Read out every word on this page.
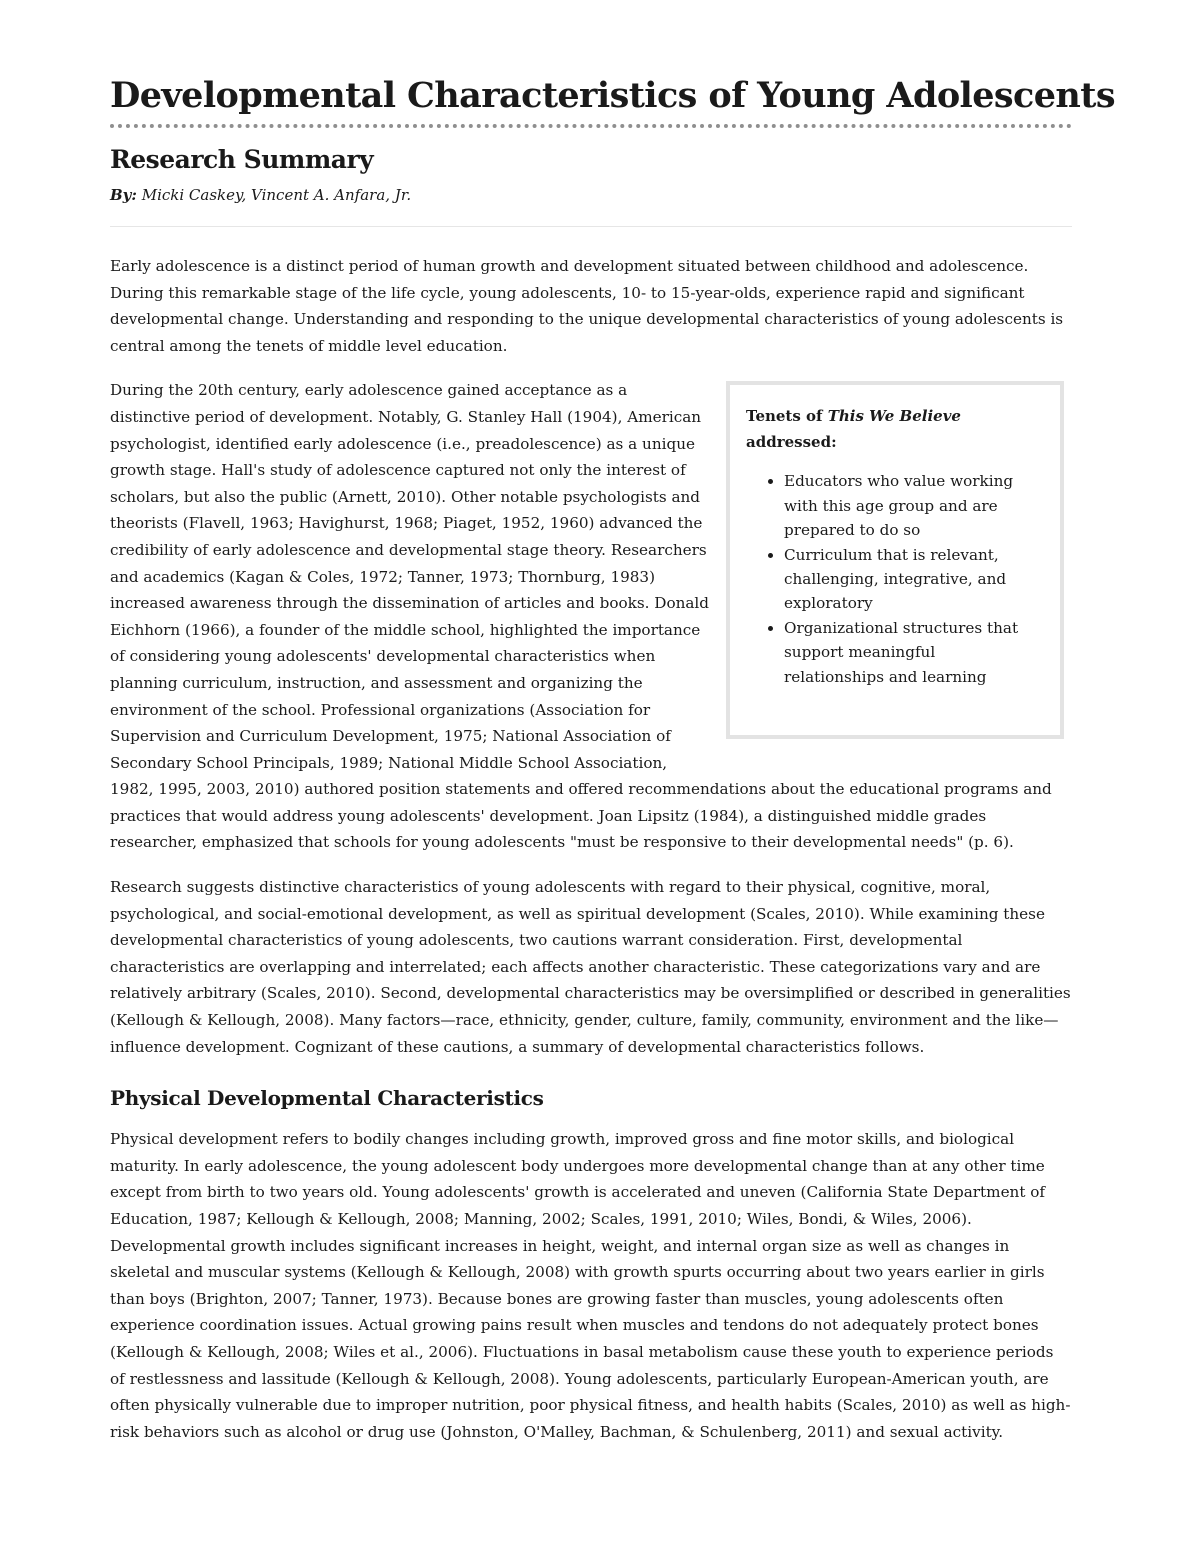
Developmental Characteristics of Young Adolescents
Research Summary

By: Micki Caskey, Vincent A. Anfara, Jr.

Early adolescence is a distinct period of human growth and development situated between childhood and adolescence. During this remarkable stage of the life cycle, young adolescents, 10- to 15-year-olds, experience rapid and significant developmental change. Understanding and responding to the unique developmental characteristics of young adolescents is central among the tenets of middle level education.

Tenets of This We Believe addressed:

• Educators who value working with this age group and are prepared to do so
• Curriculum that is relevant, challenging, integrative, and exploratory
• Organizational structures that support meaningful relationships and learning

During the 20th century, early adolescence gained acceptance as a distinctive period of development. Notably, G. Stanley Hall (1904), American psychologist, identified early adolescence (i.e., preadolescence) as a unique growth stage. Hall's study of adolescence captured not only the interest of scholars, but also the public (Arnett, 2010). Other notable psychologists and theorists (Flavell, 1963; Havighurst, 1968; Piaget, 1952, 1960) advanced the credibility of early adolescence and developmental stage theory. Researchers and academics (Kagan & Coles, 1972; Tanner, 1973; Thornburg, 1983) increased awareness through the dissemination of articles and books. Donald Eichhorn (1966), a founder of the middle school, highlighted the importance of considering young adolescents' developmental characteristics when planning curriculum, instruction, and assessment and organizing the environment of the school. Professional organizations (Association for Supervision and Curriculum Development, 1975; National Association of Secondary School Principals, 1989; National Middle School Association, 1982, 1995, 2003, 2010) authored position statements and offered recommendations about the educational programs and practices that would address young adolescents' development. Joan Lipsitz (1984), a distinguished middle grades researcher, emphasized that schools for young adolescents "must be responsive to their developmental needs" (p. 6).

Research suggests distinctive characteristics of young adolescents with regard to their physical, cognitive, moral, psychological, and social-emotional development, as well as spiritual development (Scales, 2010). While examining these developmental characteristics of young adolescents, two cautions warrant consideration. First, developmental characteristics are overlapping and interrelated; each affects another characteristic. These categorizations vary and are relatively arbitrary (Scales, 2010). Second, developmental characteristics may be oversimplified or described in generalities (Kellough & Kellough, 2008). Many factors—race, ethnicity, gender, culture, family, community, environment and the like—influence development. Cognizant of these cautions, a summary of developmental characteristics follows.

Physical Developmental Characteristics

Physical development refers to bodily changes including growth, improved gross and fine motor skills, and biological maturity. In early adolescence, the young adolescent body undergoes more developmental change than at any other time except from birth to two years old. Young adolescents' growth is accelerated and uneven (California State Department of Education, 1987; Kellough & Kellough, 2008; Manning, 2002; Scales, 1991, 2010; Wiles, Bondi, & Wiles, 2006). Developmental growth includes significant increases in height, weight, and internal organ size as well as changes in skeletal and muscular systems (Kellough & Kellough, 2008) with growth spurts occurring about two years earlier in girls than boys (Brighton, 2007; Tanner, 1973). Because bones are growing faster than muscles, young adolescents often experience coordination issues. Actual growing pains result when muscles and tendons do not adequately protect bones (Kellough & Kellough, 2008; Wiles et al., 2006). Fluctuations in basal metabolism cause these youth to experience periods of restlessness and lassitude (Kellough & Kellough, 2008). Young adolescents, particularly European-American youth, are often physically vulnerable due to improper nutrition, poor physical fitness, and health habits (Scales, 2010) as well as high-risk behaviors such as alcohol or drug use (Johnston, O'Malley, Bachman, & Schulenberg, 2011) and sexual activity.
